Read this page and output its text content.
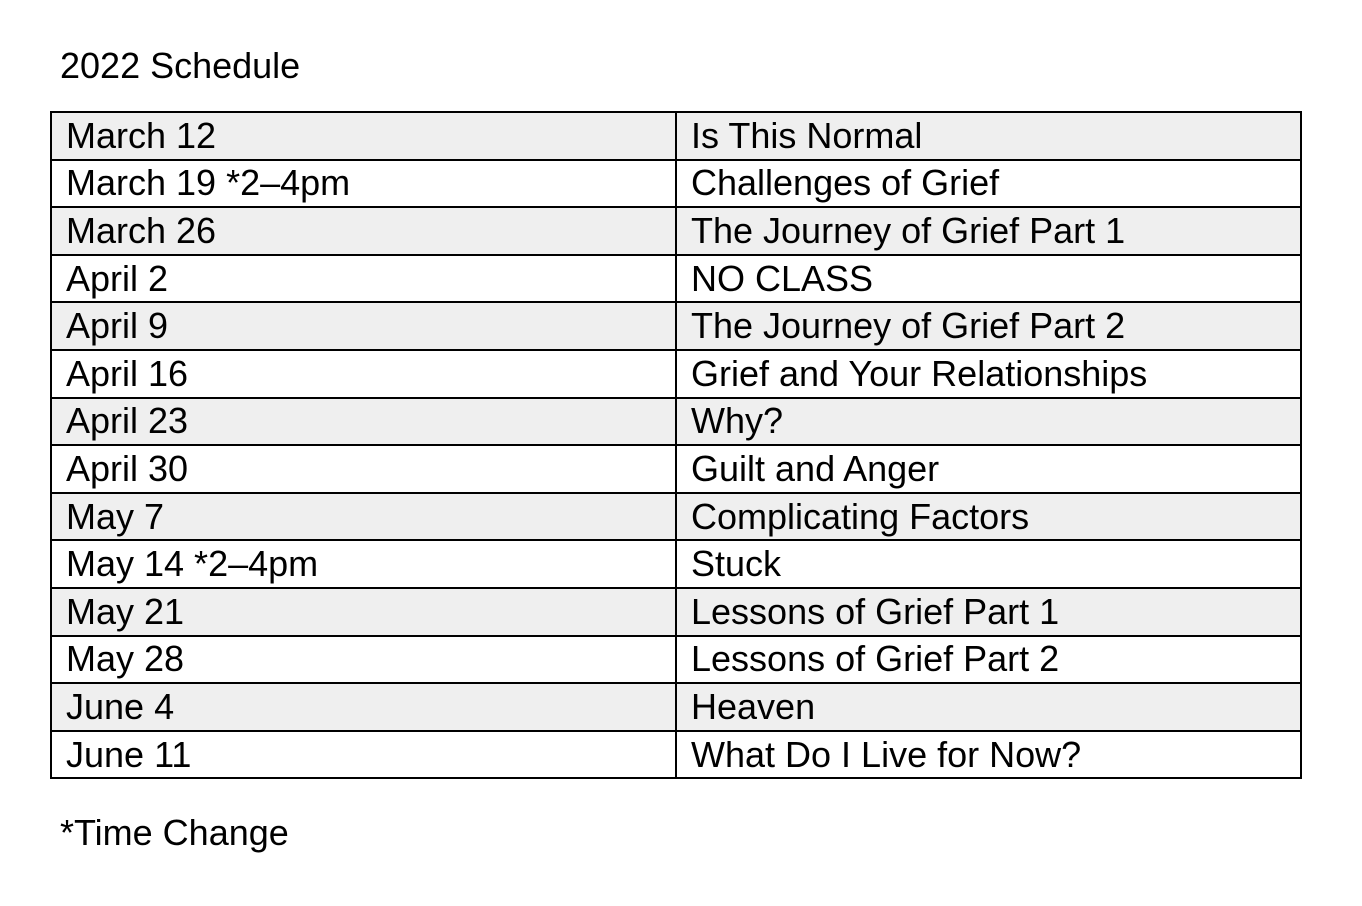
2022 Schedule
March 12	Is This Normal
March 19 *2–4pm	Challenges of Grief
March 26	The Journey of Grief Part 1
April 2	NO CLASS
April 9	The Journey of Grief Part 2
April 16	Grief and Your Relationships
April 23	Why?
April 30	Guilt and Anger
May 7	Complicating Factors
May 14 *2–4pm	Stuck
May 21	Lessons of Grief Part 1
May 28	Lessons of Grief Part 2
June 4	Heaven
June 11	What Do I Live for Now?
*Time Change
